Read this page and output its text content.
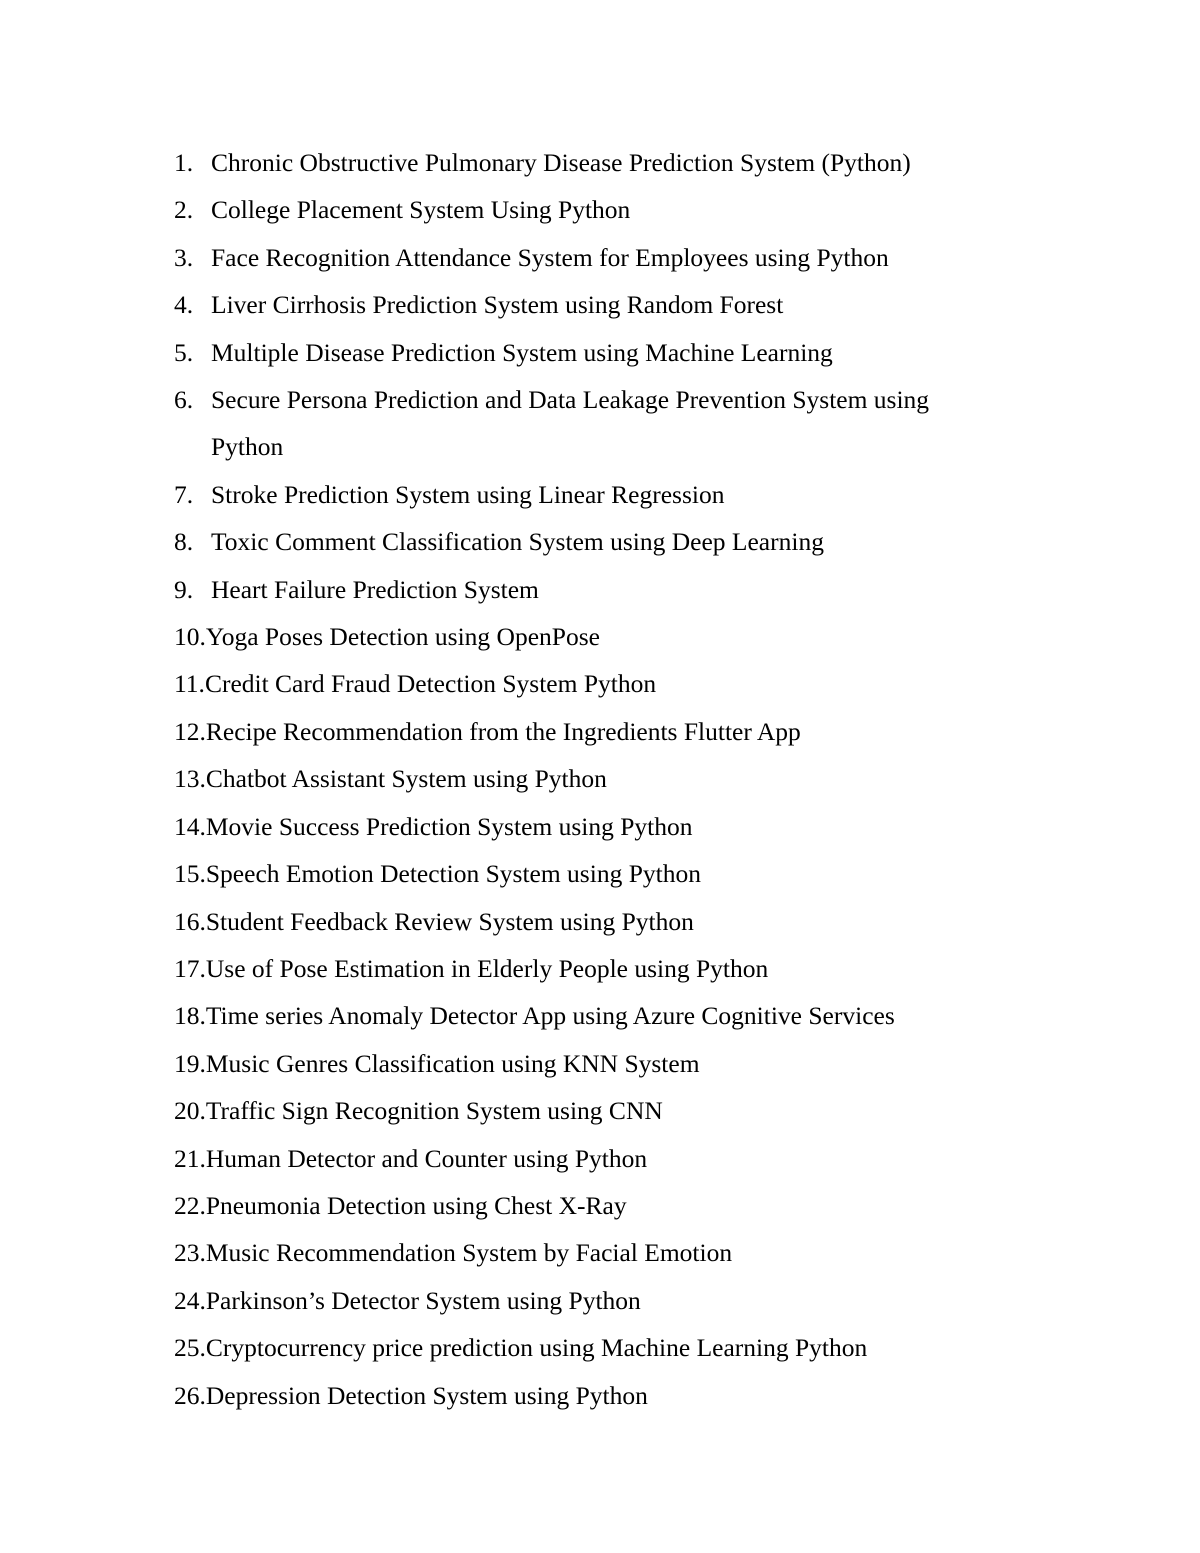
1. Chronic Obstructive Pulmonary Disease Prediction System (Python)
2. College Placement System Using Python
3. Face Recognition Attendance System for Employees using Python
4. Liver Cirrhosis Prediction System using Random Forest
5. Multiple Disease Prediction System using Machine Learning
6. Secure Persona Prediction and Data Leakage Prevention System using Python
7. Stroke Prediction System using Linear Regression
8. Toxic Comment Classification System using Deep Learning
9. Heart Failure Prediction System
10. Yoga Poses Detection using OpenPose
11. Credit Card Fraud Detection System Python
12. Recipe Recommendation from the Ingredients Flutter App
13. Chatbot Assistant System using Python
14. Movie Success Prediction System using Python
15. Speech Emotion Detection System using Python
16. Student Feedback Review System using Python
17. Use of Pose Estimation in Elderly People using Python
18. Time series Anomaly Detector App using Azure Cognitive Services
19. Music Genres Classification using KNN System
20. Traffic Sign Recognition System using CNN
21. Human Detector and Counter using Python
22. Pneumonia Detection using Chest X-Ray
23. Music Recommendation System by Facial Emotion
24. Parkinson’s Detector System using Python
25. Cryptocurrency price prediction using Machine Learning Python
26. Depression Detection System using Python
